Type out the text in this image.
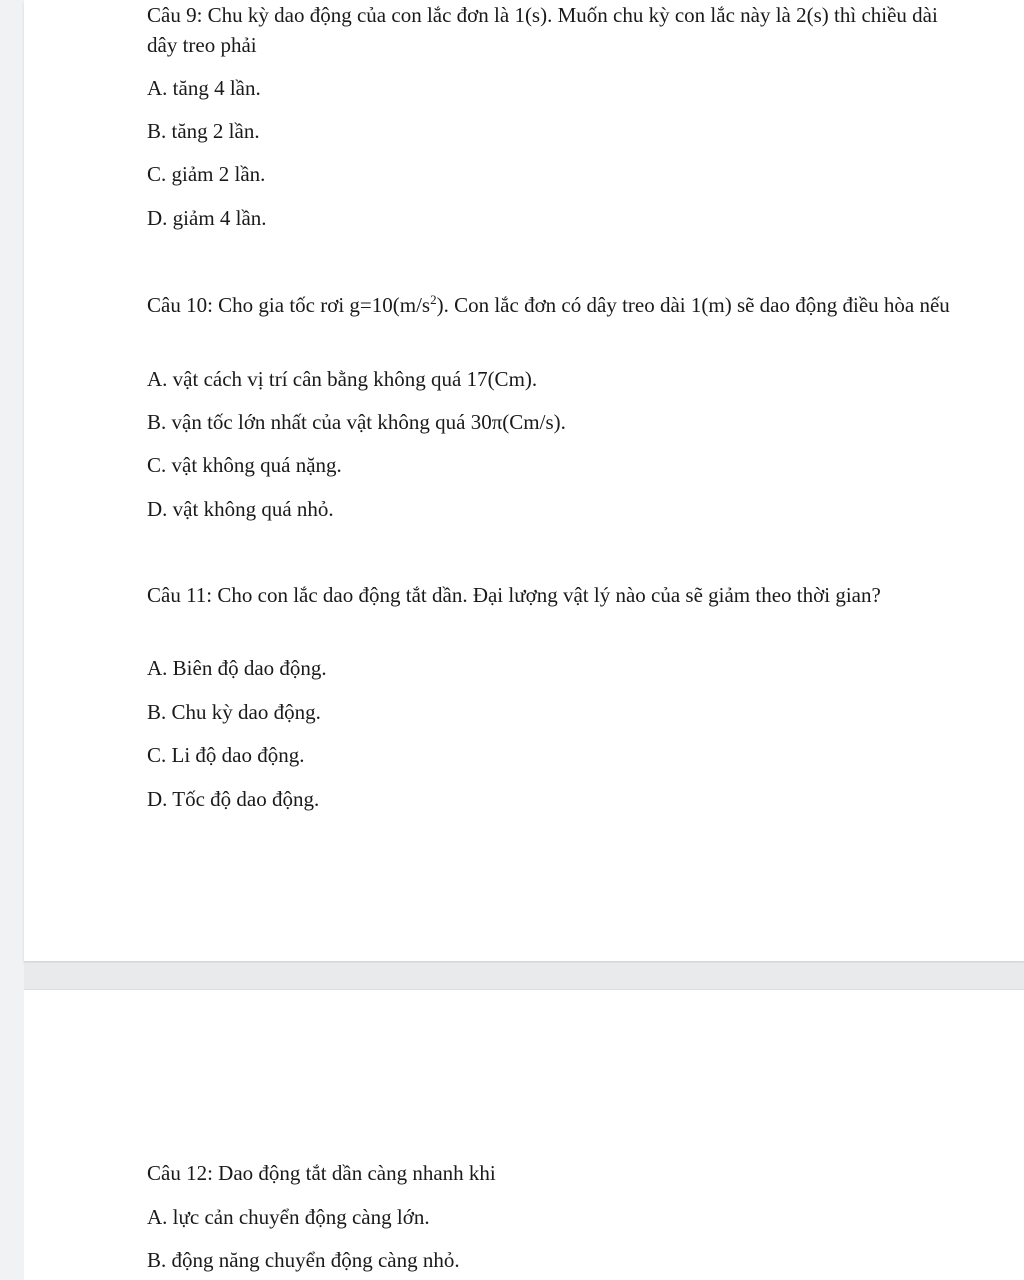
Câu 9: Chu kỳ dao động của con lắc đơn là 1(s). Muốn chu kỳ con lắc này là 2(s) thì chiều dài dây treo phải

A. tăng 4 lần.
B. tăng 2 lần.
C. giảm 2 lần.
D. giảm 4 lần.

Câu 10: Cho gia tốc rơi $g=10(m/s^2)$. Con lắc đơn có dây treo dài 1(m) sẽ dao động điều hòa nếu

A. vật cách vị trí cân bằng không quá 17(Cm).
B. vận tốc lớn nhất của vật không quá 30π(Cm/s).
C. vật không quá nặng.
D. vật không quá nhỏ.

Câu 11: Cho con lắc dao động tắt dần. Đại lượng vật lý nào của sẽ giảm theo thời gian?

A. Biên độ dao động.
B. Chu kỳ dao động.
C. Li độ dao động.
D. Tốc độ dao động.

Câu 12: Dao động tắt dần càng nhanh khi

A. lực cản chuyển động càng lớn.
B. động năng chuyển động càng nhỏ.
